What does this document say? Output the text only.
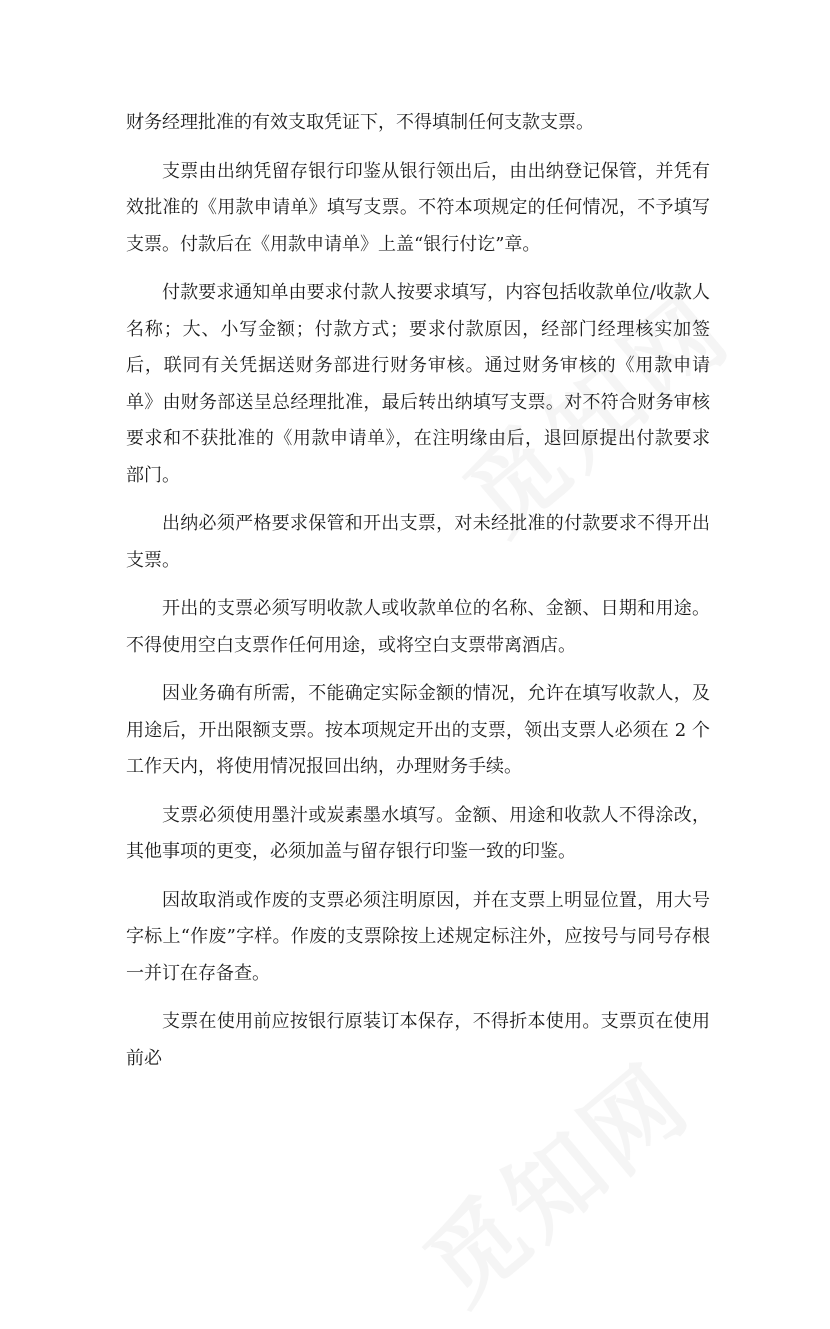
财务经理批准的有效支取凭证下，不得填制任何支款支票。

支票由出纳凭留存银行印鉴从银行领出后，由出纳登记保管，并凭有效批准的《用款申请单》填写支票。不符本项规定的任何情况，不予填写支票。付款后在《用款申请单》上盖“银行付讫”章。

付款要求通知单由要求付款人按要求填写，内容包括收款单位/收款人名称；大、小写金额；付款方式；要求付款原因，经部门经理核实加签后，联同有关凭据送财务部进行财务审核。通过财务审核的《用款申请单》由财务部送呈总经理批准，最后转出纳填写支票。对不符合财务审核要求和不获批准的《用款申请单》，在注明缘由后，退回原提出付款要求部门。

出纳必须严格要求保管和开出支票，对未经批准的付款要求不得开出支票。

开出的支票必须写明收款人或收款单位的名称、金额、日期和用途。不得使用空白支票作任何用途，或将空白支票带离酒店。

因业务确有所需，不能确定实际金额的情况，允许在填写收款人，及用途后，开出限额支票。按本项规定开出的支票，领出支票人必须在 2 个工作天内，将使用情况报回出纳，办理财务手续。

支票必须使用墨汁或炭素墨水填写。金额、用途和收款人不得涂改，其他事项的更变，必须加盖与留存银行印鉴一致的印鉴。

因故取消或作废的支票必须注明原因，并在支票上明显位置，用大号字标上“作废”字样。作废的支票除按上述规定标注外，应按号与同号存根一并订在存备查。

支票在使用前应按银行原装订本保存，不得折本使用。支票页在使用前必
